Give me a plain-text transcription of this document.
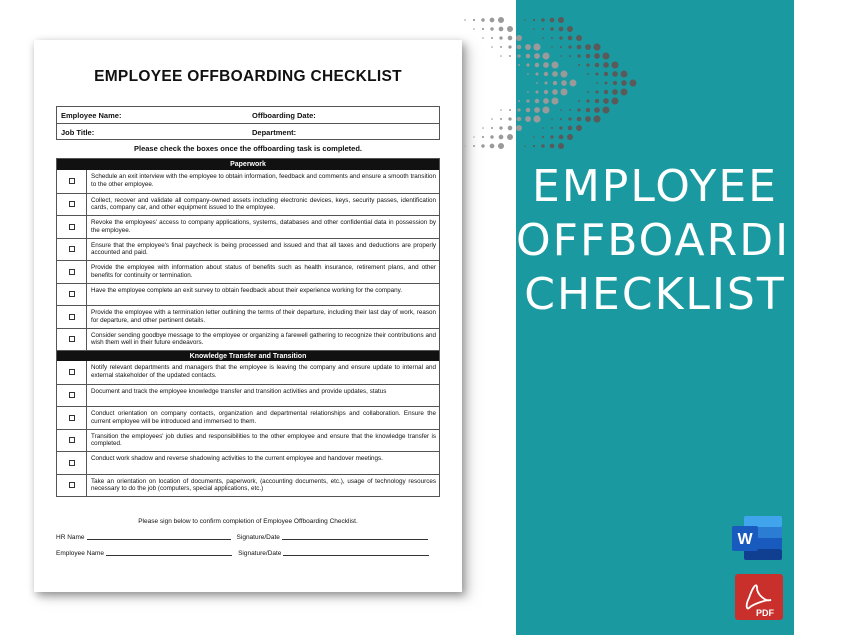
EMPLOYEE
OFFBOARDING
CHECKLIST
EMPLOYEE OFFBOARDING CHECKLIST
Employee Name:	Offboarding Date:
Job Title:	Department:
Please check the boxes once the offboarding task is completed.
Paperwork
Schedule an exit interview with the employee to obtain information, feedback and comments and ensure a smooth transition to the other employee.
Collect, recover and validate all company-owned assets including electronic devices, keys, security passes, identification cards, company car, and other equipment issued to the employee.
Revoke the employees' access to company applications, systems, databases and other confidential data in possession by the employee.
Ensure that the employee's final paycheck is being processed and issued and that all taxes and deductions are properly accounted and paid.
Provide the employee with information about status of benefits such as health insurance, retirement plans, and other benefits for continuity or termination.
Have the employee complete an exit survey to obtain feedback about their experience working for the company.
Provide the employee with a termination letter outlining the terms of their departure, including their last day of work, reason for departure, and other pertinent details.
Consider sending goodbye message to the employee or organizing a farewell gathering to recognize their contributions and wish them well in their future endeavors.
Knowledge Transfer and Transition
Notify relevant departments and managers that the employee is leaving the company and ensure update to internal and external stakeholder of the updated contacts.
Document and track the employee knowledge transfer and transition activities and provide updates, status
Conduct orientation on company contacts, organization and departmental relationships and collaboration. Ensure the current employee will be introduced and immersed to them.
Transition the employees' job duties and responsibilities to the other employee and ensure that the knowledge transfer is completed.
Conduct work shadow and reverse shadowing activities to the current employee and handover meetings.
Take an orientation on location of documents, paperwork, (accounting documents, etc.), usage of technology resources necessary to do the job (computers, special applications, etc.)
Please sign below to confirm completion of Employee Offboarding Checklist.
HR Name	Signature/Date
Employee Name	Signature/Date
W
PDF
